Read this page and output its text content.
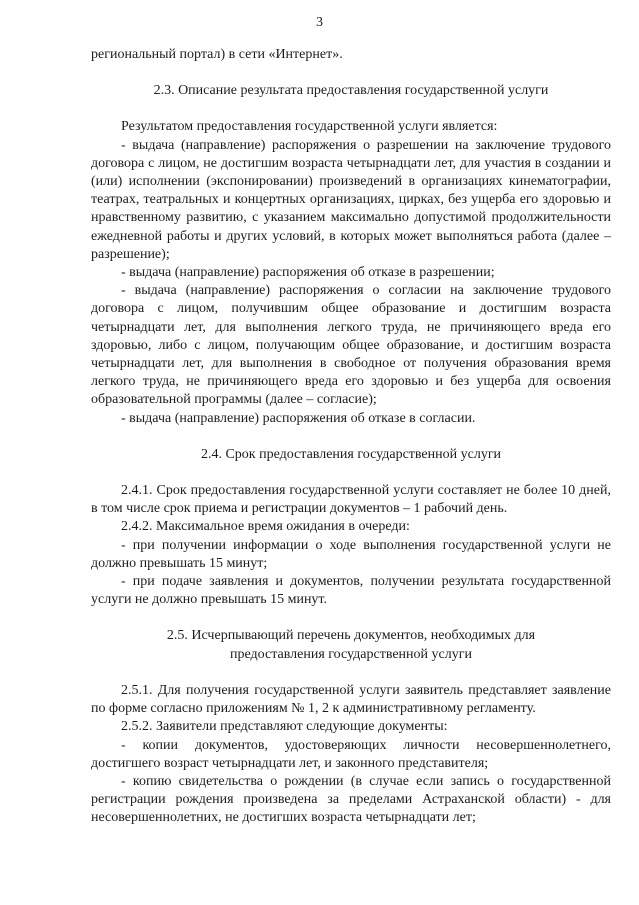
3

региональный портал) в сети «Интернет».

2.3. Описание результата предоставления государственной услуги

Результатом предоставления государственной услуги является:

- выдача (направление) распоряжения о разрешении на заключение трудового договора с лицом, не достигшим возраста четырнадцати лет, для участия в создании и (или) исполнении (экспонировании) произведений в организациях кинематографии, театрах, театральных и концертных организациях, цирках, без ущерба его здоровью и нравственному развитию, с указанием максимально допустимой продолжительности ежедневной работы и других условий, в которых может выполняться работа (далее – разрешение);

- выдача (направление) распоряжения об отказе в разрешении;

- выдача (направление) распоряжения о согласии на заключение трудового договора с лицом, получившим общее образование и достигшим возраста четырнадцати лет, для выполнения легкого труда, не причиняющего вреда его здоровью, либо с лицом, получающим общее образование, и достигшим возраста четырнадцати лет, для выполнения в свободное от получения образования время легкого труда, не причиняющего вреда его здоровью и без ущерба для освоения образовательной программы (далее – согласие);

- выдача (направление) распоряжения об отказе в согласии.

2.4. Срок предоставления государственной услуги

2.4.1. Срок предоставления государственной услуги составляет не более 10 дней, в том числе срок приема и регистрации документов – 1 рабочий день.

2.4.2. Максимальное время ожидания в очереди:

- при получении информации о ходе выполнения государственной услуги не должно превышать 15 минут;

- при подаче заявления и документов, получении результата государственной услуги не должно превышать 15 минут.

2.5. Исчерпывающий перечень документов, необходимых для

предоставления государственной услуги

2.5.1. Для получения государственной услуги заявитель представляет заявление по форме согласно приложениям № 1, 2 к административному регламенту.

2.5.2. Заявители представляют следующие документы:

- копии документов, удостоверяющих личности несовершеннолетнего, достигшего возраст четырнадцати лет, и законного представителя;

- копию свидетельства о рождении (в случае если запись о государственной регистрации рождения произведена за пределами Астраханской области) - для несовершеннолетних, не достигших возраста четырнадцати лет;
